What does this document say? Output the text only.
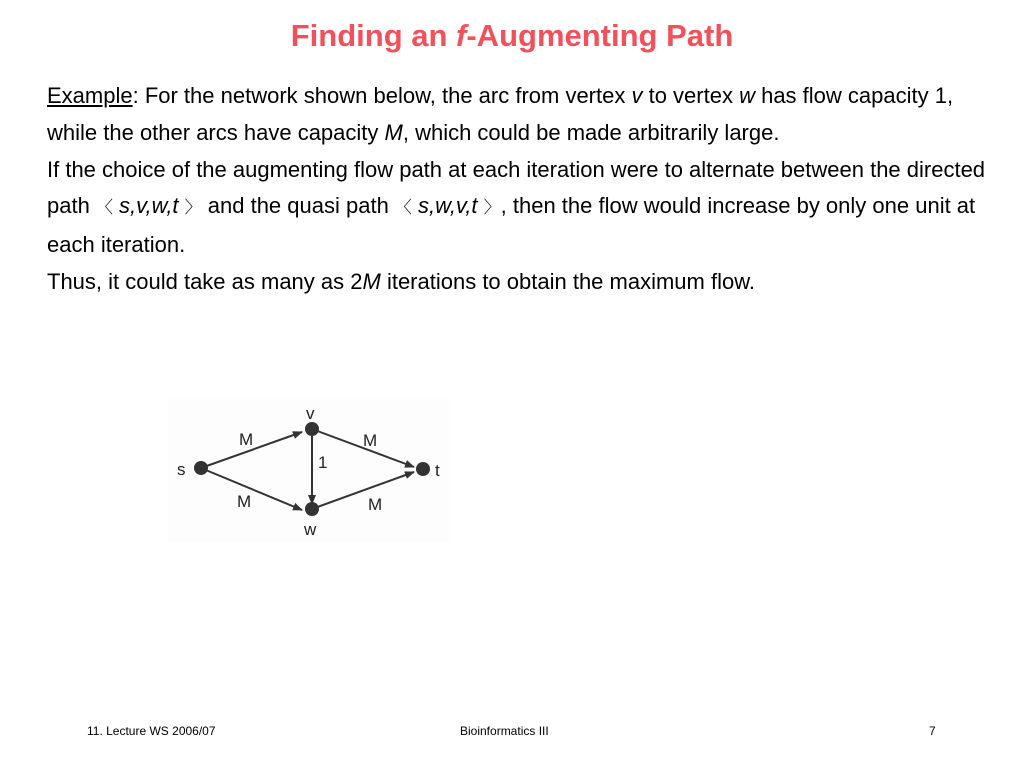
Finding an f-Augmenting Path

Example: For the network shown below, the arc from vertex v to vertex w has flow capacity 1, while the other arcs have capacity M, which could be made arbitrarily large.

If the choice of the augmenting flow path at each iteration were to alternate between the directed path 〈 s,v,w,t 〉 and the quasi path 〈 s,w,v,t 〉, then the flow would increase by only one unit at each iteration.

Thus, it could take as many as 2M iterations to obtain the maximum flow.

s
v
w
t
M
M
1
M
M
11. Lecture WS 2006/07	Bioinformatics III	7
